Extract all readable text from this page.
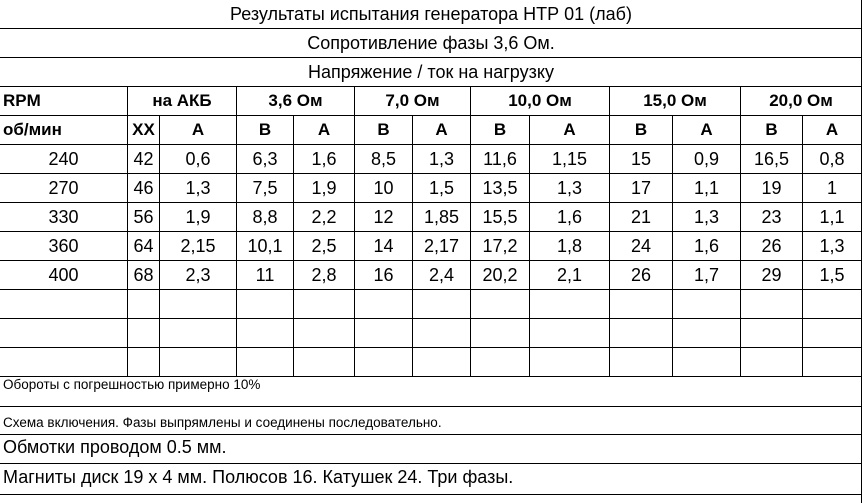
Результаты испытания генератора НТР 01 (лаб)
Сопротивление фазы 3,6 Ом.
Напряжение / ток на нагрузку
RPM	на АКБ	3,6 Ом	7,0 Ом	10,0 Ом	15,0 Ом	20,0 Ом
об/мин	ХХ	А	В	А	В	А	В	А	В	А	В	А
240	42	0,6	6,3	1,6	8,5	1,3	11,6	1,15	15	0,9	16,5	0,8
270	46	1,3	7,5	1,9	10	1,5	13,5	1,3	17	1,1	19	1
330	56	1,9	8,8	2,2	12	1,85	15,5	1,6	21	1,3	23	1,1
360	64	2,15	10,1	2,5	14	2,17	17,2	1,8	24	1,6	26	1,3
400	68	2,3	11	2,8	16	2,4	20,2	2,1	26	1,7	29	1,5
Обороты с погрешностью примерно 10%
Схема включения. Фазы выпрямлены и соединены последовательно.
Обмотки проводом 0.5 мм.
Магниты диск 19 х 4 мм. Полюсов 16. Катушек 24. Три фазы.
